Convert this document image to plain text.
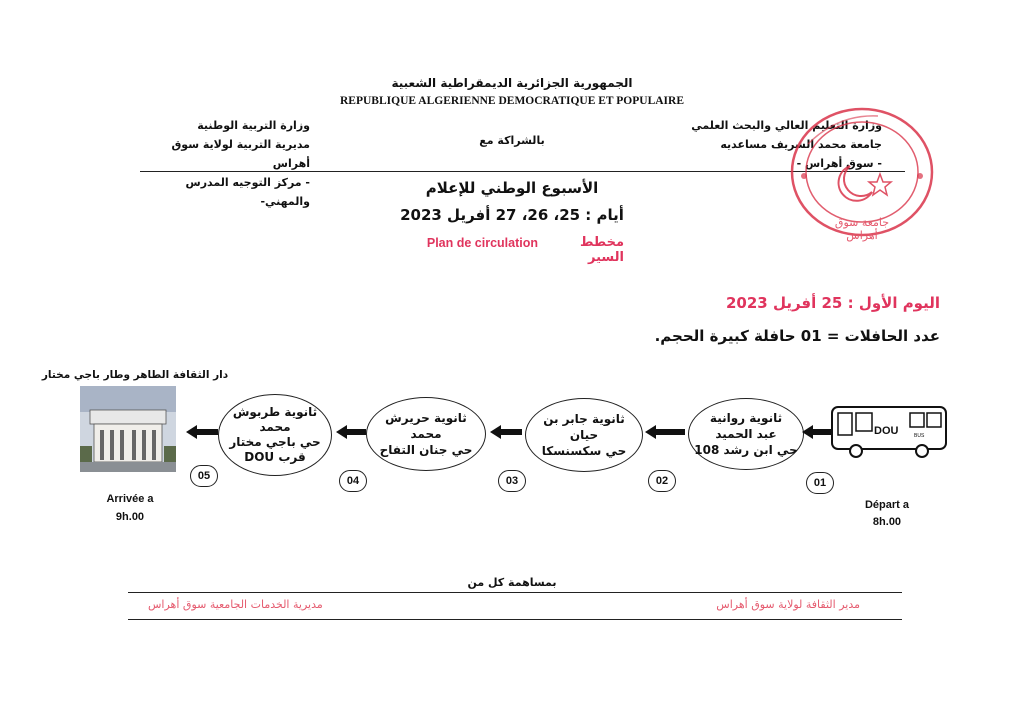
الجمهورية الجزائرية الديمقراطية الشعبية
REPUBLIQUE ALGERIENNE DEMOCRATIQUE ET POPULAIRE
وزارة التربية الوطنية
مديرية التربية لولاية سوق أهراس
- مركز التوجيه المدرس والمهني-
بالشراكة مع
وزارة التعليم العالي والبحث العلمي
جامعة محمد الشريف مساعديه
- سوق أهراس -
جامعة سوق أهراس
الأسبوع الوطني للإعلام
أيام : 25، 26، 27 أفريل 2023
Plan de circulation	مخطط السير
اليوم الأول : 25 أفريل 2023
عدد الحافلات = 01 حافلة كبيرة الحجم.
دار الثقافة الطاهر وطار باجي مختار
ثانوية روانية
عبد الحميد
حي ابن رشد 108
ثانوية جابر بن
حيان
حي سكسنسكا
ثانوية حريرش
محمد
حي جنان التفاح
ثانوية طربوش
محمد
حي باجي مختار
قرب DOU
DOU	BUS
01
02
03
04
05
Départ a
8h.00
Arrivée a
9h.00
بمساهمة كل من
مديرية الخدمات الجامعية سوق أهراس	مدير الثقافة لولاية سوق أهراس
